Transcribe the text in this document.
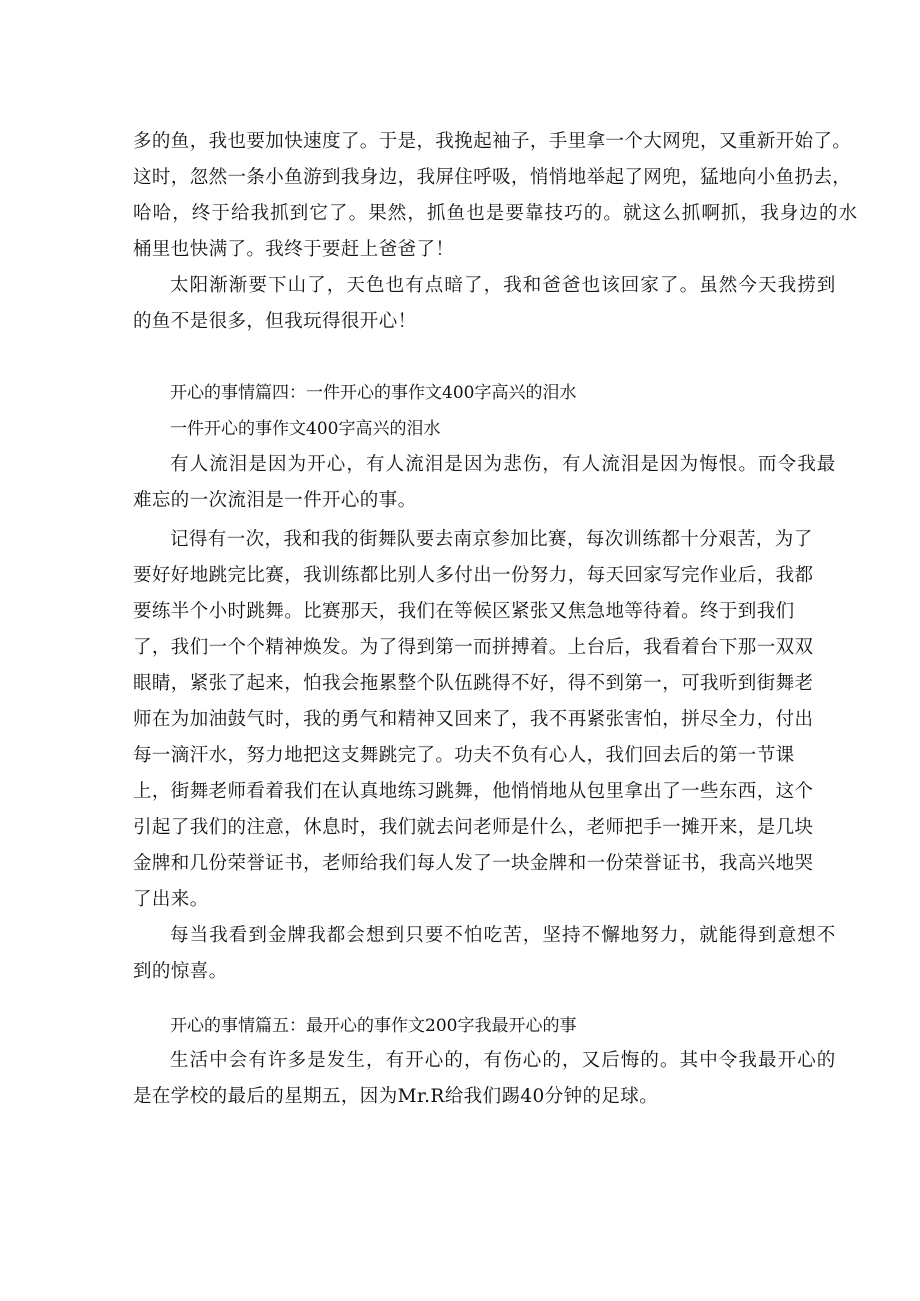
多的鱼，我也要加快速度了。于是，我挽起袖子，手里拿一个大网兜，又重新开始了。
这时，忽然一条小鱼游到我身边，我屏住呼吸，悄悄地举起了网兜，猛地向小鱼扔去，
哈哈，终于给我抓到它了。果然，抓鱼也是要靠技巧的。就这么抓啊抓，我身边的水
桶里也快满了。我终于要赶上爸爸了！
太阳渐渐要下山了，天色也有点暗了，我和爸爸也该回家了。虽然今天我捞到
的鱼不是很多，但我玩得很开心！
开心的事情篇四：一件开心的事作文400字高兴的泪水
一件开心的事作文400字高兴的泪水
有人流泪是因为开心，有人流泪是因为悲伤，有人流泪是因为悔恨。而令我最
难忘的一次流泪是一件开心的事。
记得有一次，我和我的街舞队要去南京参加比赛，每次训练都十分艰苦，为了
要好好地跳完比赛，我训练都比别人多付出一份努力，每天回家写完作业后，我都
要练半个小时跳舞。比赛那天，我们在等候区紧张又焦急地等待着。终于到我们
了，我们一个个精神焕发。为了得到第一而拼搏着。上台后，我看着台下那一双双
眼睛，紧张了起来，怕我会拖累整个队伍跳得不好，得不到第一，可我听到街舞老
师在为加油鼓气时，我的勇气和精神又回来了，我不再紧张害怕，拼尽全力，付出
每一滴汗水，努力地把这支舞跳完了。功夫不负有心人，我们回去后的第一节课
上，街舞老师看着我们在认真地练习跳舞，他悄悄地从包里拿出了一些东西，这个
引起了我们的注意，休息时，我们就去问老师是什么，老师把手一摊开来，是几块
金牌和几份荣誉证书，老师给我们每人发了一块金牌和一份荣誉证书，我高兴地哭
了出来。
每当我看到金牌我都会想到只要不怕吃苦，坚持不懈地努力，就能得到意想不
到的惊喜。
开心的事情篇五：最开心的事作文200字我最开心的事
生活中会有许多是发生，有开心的，有伤心的，又后悔的。其中令我最开心的
是在学校的最后的星期五，因为Mr.R给我们踢40分钟的足球。
